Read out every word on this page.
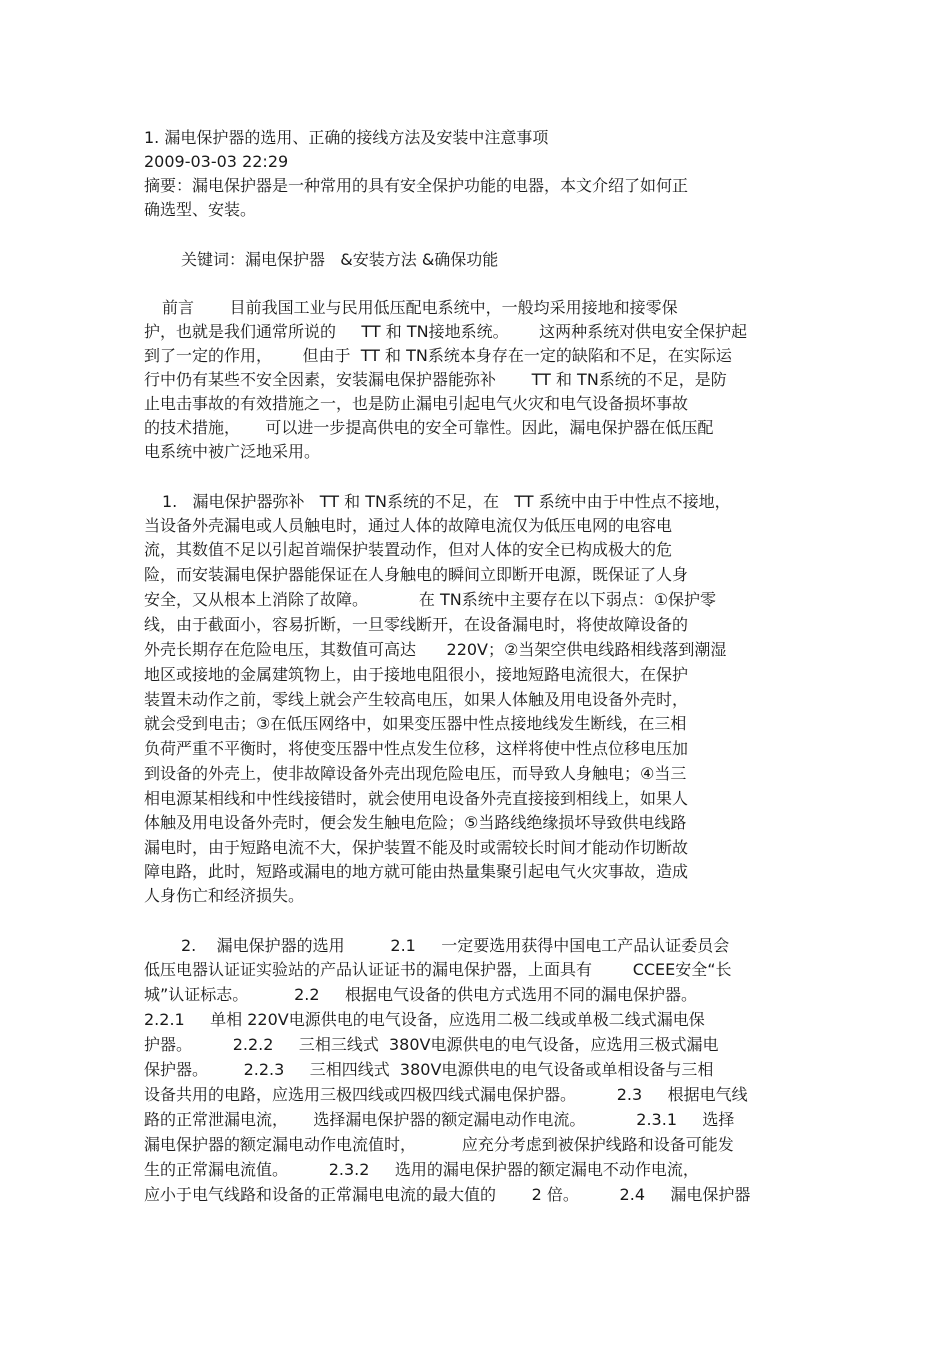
1. 漏电保护器的选用、正确的接线方法及安装中注意事项
2009-03-03 22:29
摘要：漏电保护器是一种常用的具有安全保护功能的电器，本文介绍了如何正
确选型、安装。
关键词：漏电保护器   &安装方法 &确保功能
前言       目前我国工业与民用低压配电系统中，一般均采用接地和接零保
护，也就是我们通常所说的     TT 和 TN接地系统。      这两种系统对供电安全保护起
到了一定的作用，      但由于  TT 和 TN系统本身存在一定的缺陷和不足，在实际运
行中仍有某些不安全因素，安装漏电保护器能弥补       TT 和 TN系统的不足，是防
止电击事故的有效措施之一，也是防止漏电引起电气火灾和电气设备损坏事故
的技术措施，     可以进一步提高供电的安全可靠性。因此，漏电保护器在低压配
电系统中被广泛地采用。
1.   漏电保护器弥补   TT 和 TN系统的不足，在   TT 系统中由于中性点不接地，
当设备外壳漏电或人员触电时，通过人体的故障电流仅为低压电网的电容电
流，其数值不足以引起首端保护装置动作，但对人体的安全已构成极大的危
险，而安装漏电保护器能保证在人身触电的瞬间立即断开电源，既保证了人身
安全，又从根本上消除了故障。          在 TN系统中主要存在以下弱点：①保护零
线，由于截面小，容易折断，一旦零线断开，在设备漏电时，将使故障设备的
外壳长期存在危险电压，其数值可高达      220V；②当架空供电线路相线落到潮湿
地区或接地的金属建筑物上，由于接地电阻很小，接地短路电流很大，在保护
装置未动作之前，零线上就会产生较高电压，如果人体触及用电设备外壳时，
就会受到电击；③在低压网络中，如果变压器中性点接地线发生断线，在三相
负荷严重不平衡时，将使变压器中性点发生位移，这样将使中性点位移电压加
到设备的外壳上，使非故障设备外壳出现危险电压，而导致人身触电；④当三
相电源某相线和中性线接错时，就会使用电设备外壳直接接到相线上，如果人
体触及用电设备外壳时，便会发生触电危险；⑤当路线绝缘损坏导致供电线路
漏电时，由于短路电流不大，保护装置不能及时或需较长时间才能动作切断故
障电路，此时，短路或漏电的地方就可能由热量集聚引起电气火灾事故，造成
人身伤亡和经济损失。
2.    漏电保护器的选用         2.1     一定要选用获得中国电工产品认证委员会
低压电器认证证实验站的产品认证证书的漏电保护器，上面具有        CCEE安全“长
城”认证标志。         2.2     根据电气设备的供电方式选用不同的漏电保护器。
2.2.1     单相 220V电源供电的电气设备，应选用二极二线或单极二线式漏电保
护器。        2.2.2     三相三线式  380V电源供电的电气设备，应选用三极式漏电
保护器。       2.2.3     三相四线式  380V电源供电的电气设备或单相设备与三相
设备共用的电路，应选用三极四线或四极四线式漏电保护器。        2.3     根据电气线
路的正常泄漏电流，     选择漏电保护器的额定漏电动作电流。          2.3.1     选择
漏电保护器的额定漏电动作电流值时，         应充分考虑到被保护线路和设备可能发
生的正常漏电流值。        2.3.2     选用的漏电保护器的额定漏电不动作电流，
应小于电气线路和设备的正常漏电电流的最大值的       2 倍。        2.4     漏电保护器
